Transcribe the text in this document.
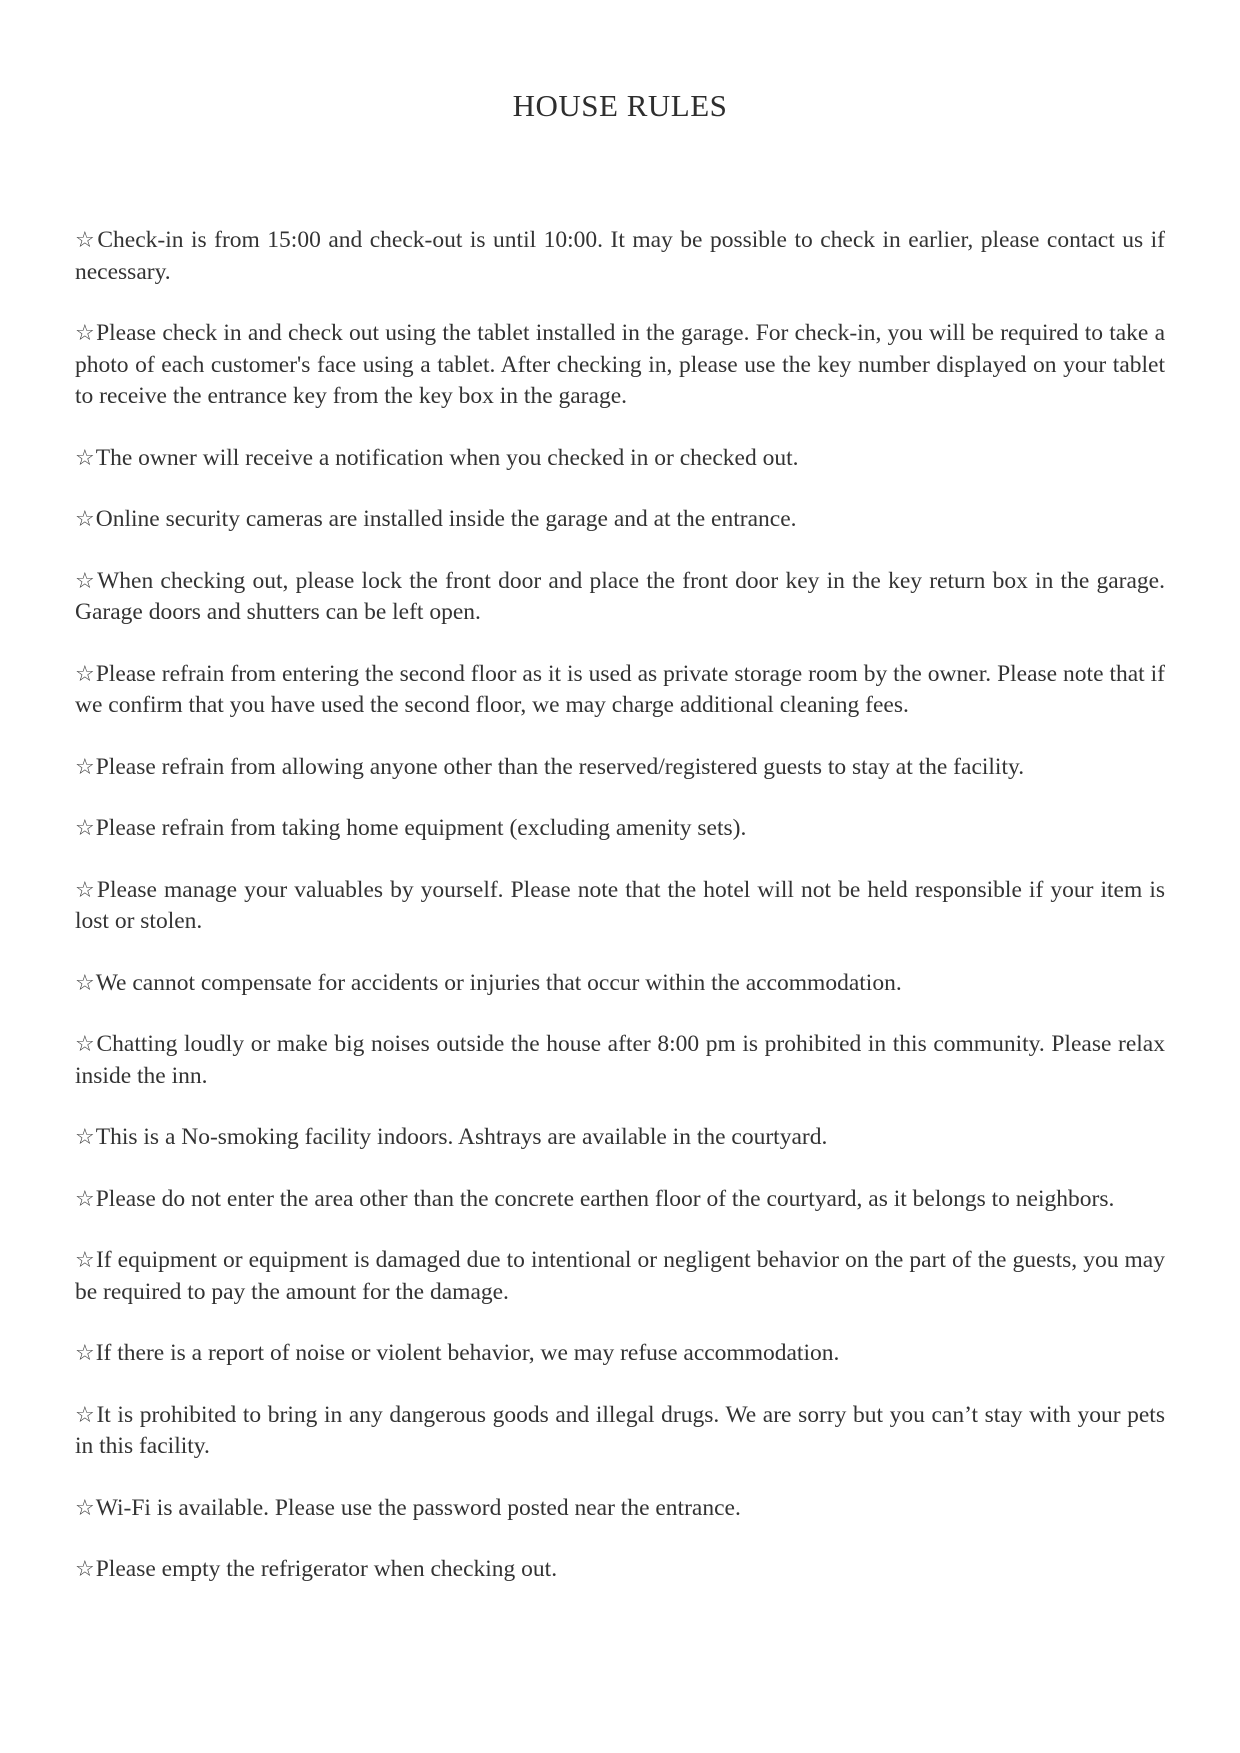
HOUSE RULES
☆Check-in is from 15:00 and check-out is until 10:00. It may be possible to check in earlier, please contact us if necessary.
☆Please check in and check out using the tablet installed in the garage. For check-in, you will be required to take a photo of each customer's face using a tablet. After checking in, please use the key number displayed on your tablet to receive the entrance key from the key box in the garage.
☆The owner will receive a notification when you checked in or checked out.
☆Online security cameras are installed inside the garage and at the entrance.
☆When checking out, please lock the front door and place the front door key in the key return box in the garage. Garage doors and shutters can be left open.
☆Please refrain from entering the second floor as it is used as private storage room by the owner. Please note that if we confirm that you have used the second floor, we may charge additional cleaning fees.
☆Please refrain from allowing anyone other than the reserved/registered guests to stay at the facility.
☆Please refrain from taking home equipment (excluding amenity sets).
☆Please manage your valuables by yourself. Please note that the hotel will not be held responsible if your item is lost or stolen.
☆We cannot compensate for accidents or injuries that occur within the accommodation.
☆Chatting loudly or make big noises outside the house after 8:00 pm is prohibited in this community. Please relax inside the inn.
☆This is a No-smoking facility indoors. Ashtrays are available in the courtyard.
☆Please do not enter the area other than the concrete earthen floor of the courtyard, as it belongs to neighbors.
☆If equipment or equipment is damaged due to intentional or negligent behavior on the part of the guests, you may be required to pay the amount for the damage.
☆If there is a report of noise or violent behavior, we may refuse accommodation.
☆It is prohibited to bring in any dangerous goods and illegal drugs. We are sorry but you can’t stay with your pets in this facility.
☆Wi-Fi is available. Please use the password posted near the entrance.
☆Please empty the refrigerator when checking out.
